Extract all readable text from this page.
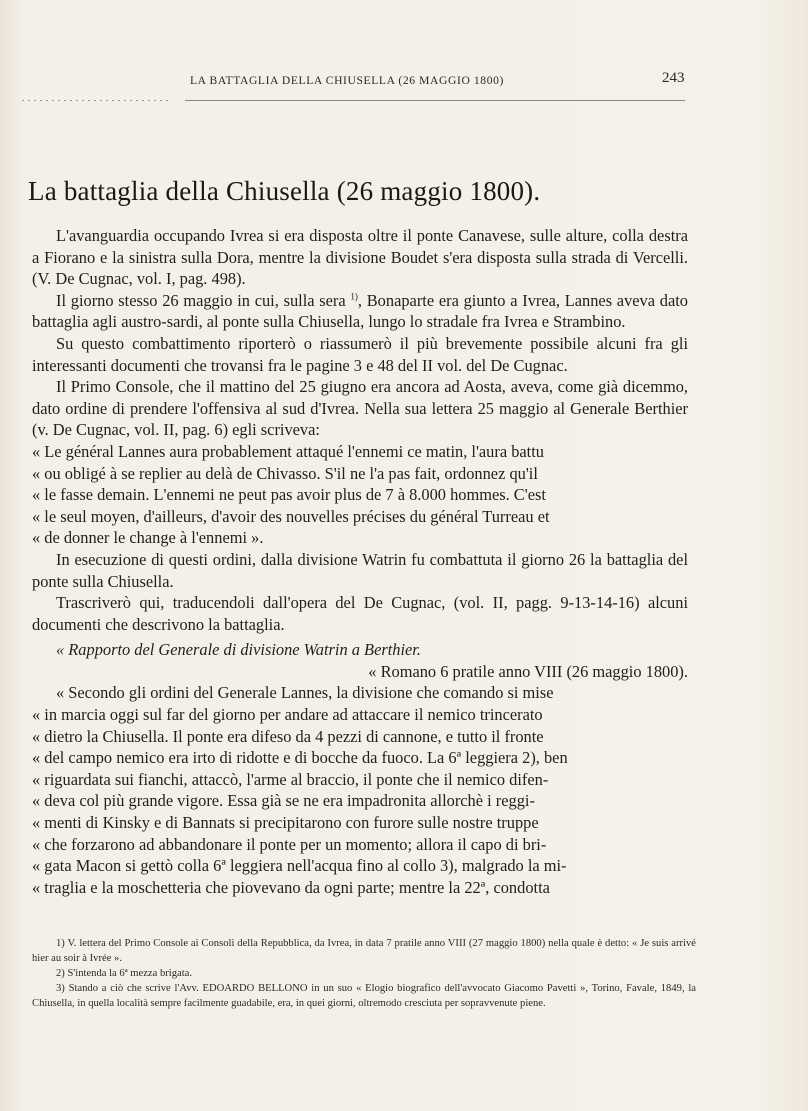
LA BATTAGLIA DELLA CHIUSELLA (26 MAGGIO 1800)	243
La battaglia della Chiusella (26 maggio 1800).

L'avanguardia occupando Ivrea si era disposta oltre il ponte Canavese, sulle alture, colla destra a Fiorano e la sinistra sulla Dora, mentre la divisione Boudet s'era disposta sulla strada di Vercelli. (V. De Cugnac, vol. I, pag. 498).

Il giorno stesso 26 maggio in cui, sulla sera $^{1)}$, Bonaparte era giunto a Ivrea, Lannes aveva dato battaglia agli austro-sardi, al ponte sulla Chiusella, lungo lo stradale fra Ivrea e Strambino.

Su questo combattimento riporterò o riassumerò il più brevemente possibile alcuni fra gli interessanti documenti che trovansi fra le pagine 3 e 48 del II vol. del De Cugnac.

Il Primo Console, che il mattino del 25 giugno era ancora ad Aosta, aveva, come già dicemmo, dato ordine di prendere l'offensiva al sud d'Ivrea. Nella sua lettera 25 maggio al Generale Berthier (v. De Cugnac, vol. II, pag. 6) egli scriveva:

« Le général Lannes aura probablement attaqué l'ennemi ce matin, l'aura battu
« ou obligé à se replier au delà de Chivasso. S'il ne l'a pas fait, ordonnez qu'il
« le fasse demain. L'ennemi ne peut pas avoir plus de 7 à 8.000 hommes. C'est
« le seul moyen, d'ailleurs, d'avoir des nouvelles précises du général Turreau et
« de donner le change à l'ennemi ».

In esecuzione di questi ordini, dalla divisione Watrin fu combattuta il giorno 26 la battaglia del ponte sulla Chiusella.

Trascriverò qui, traducendoli dall'opera del De Cugnac, (vol. II, pagg. 9-13-14-16) alcuni documenti che descrivono la battaglia.

« Rapporto del Generale di divisione Watrin a Berthier.

« Romano 6 pratile anno VIII (26 maggio 1800).

« Secondo gli ordini del Generale Lannes, la divisione che comando si mise
« in marcia oggi sul far del giorno per andare ad attaccare il nemico trincerato
« dietro la Chiusella. Il ponte era difeso da 4 pezzi di cannone, e tutto il fronte
« del campo nemico era irto di ridotte e di bocche da fuoco. La 6ª leggiera 2), ben
« riguardata sui fianchi, attaccò, l'arme al braccio, il ponte che il nemico difen-
« deva col più grande vigore. Essa già se ne era impadronita allorchè i reggi-
« menti di Kinsky e di Bannats si precipitarono con furore sulle nostre truppe
« che forzarono ad abbandonare il ponte per un momento; allora il capo di bri-
« gata Macon si gettò colla 6ª leggiera nell'acqua fino al collo 3), malgrado la mi-
« traglia e la moschetteria che piovevano da ogni parte; mentre la 22ª, condotta

1) V. lettera del Primo Console ai Consoli della Repubblica, da Ivrea, in data 7 pratile anno VIII (27 maggio 1800) nella quale è detto: « Je suis arrivé hier au soir à Ivrée ».

2) S'intenda la 6ª mezza brigata.

3) Stando a ciò che scrive l'Avv. EDOARDO BELLONO in un suo « Elogio biografico dell'avvocato Giacomo Pavetti », Torino, Favale, 1849, la Chiusella, in quella località sempre facilmente guadabile, era, in quei giorni, oltremodo cresciuta per sopravvenute piene.
